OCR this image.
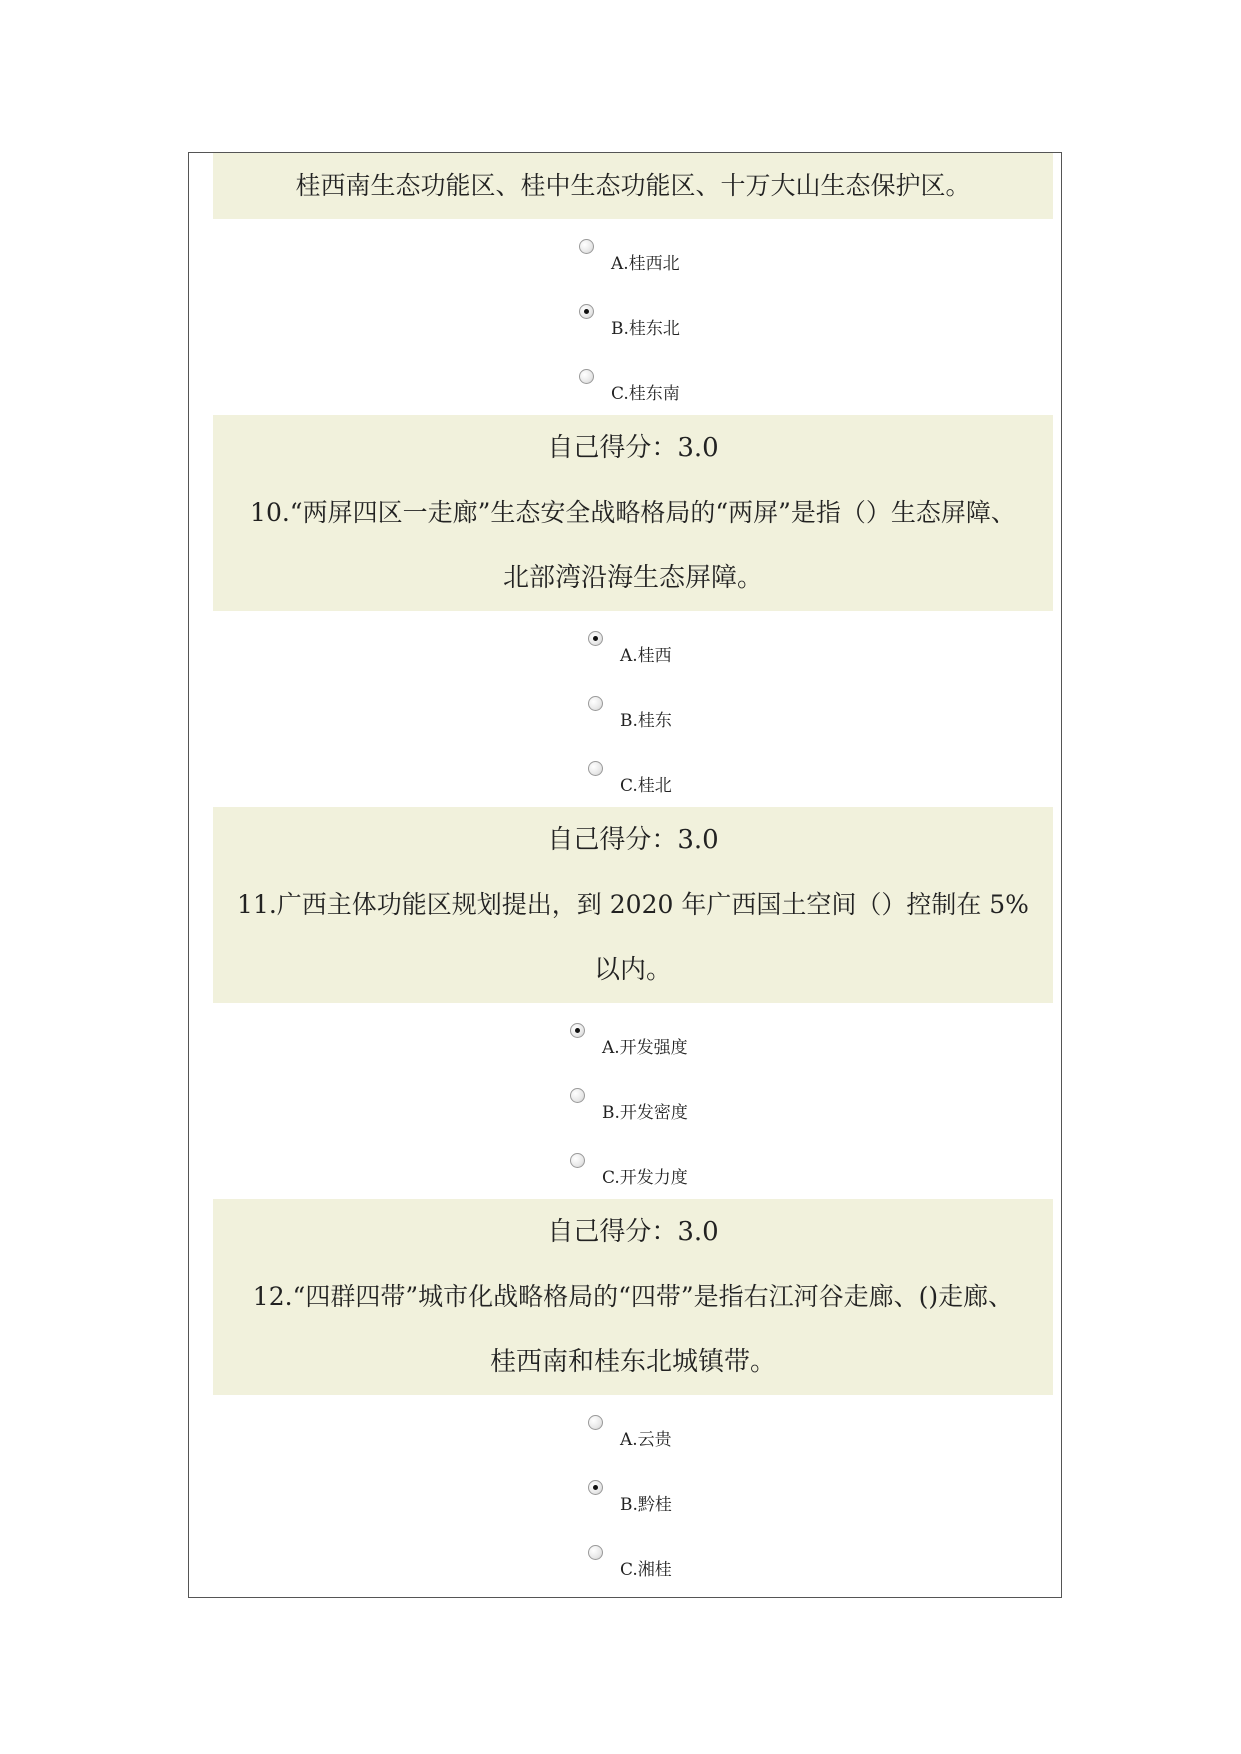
桂西南生态功能区、桂中生态功能区、十万大山生态保护区。
A.桂西北
B.桂东北
C.桂东南
自己得分：3.0
10.“两屏四区一走廊”生态安全战略格局的“两屏”是指（）生态屏障、
北部湾沿海生态屏障。
A.桂西
B.桂东
C.桂北
自己得分：3.0
11.广西主体功能区规划提出，到 2020 年广西国土空间（）控制在 5%
以内。
A.开发强度
B.开发密度
C.开发力度
自己得分：3.0
12.“四群四带”城市化战略格局的“四带”是指右江河谷走廊、()走廊、
桂西南和桂东北城镇带。
A.云贵
B.黔桂
C.湘桂
